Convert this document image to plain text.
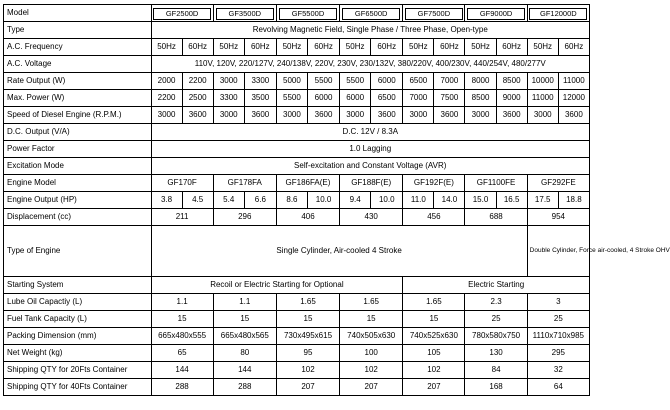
Model	GF2500D		GF3500D		GF5500D		GF6500D		GF7500D		GF9000D		GF12000D	

Type	Revolving Magnetic Field, Single Phase / Three Phase, Open-type													
A.C. Frequency	50Hz	60Hz	50Hz	60Hz	50Hz	60Hz	50Hz	60Hz	50Hz	60Hz	50Hz	60Hz	50Hz	60Hz
A.C. Voltage	110V, 120V, 220/127V, 240/138V, 220V, 230V, 230/132V, 380/220V, 400/230V, 440/254V, 480/277V													
Rate Output (W)	2000	2200	3000	3300	5000	5500	5500	6000	6500	7000	8000	8500	10000	11000
Max. Power (W)	2200	2500	3300	3500	5500	6000	6000	6500	7000	7500	8500	9000	11000	12000
Speed of Diesel Engine (R.P.M.)	3000	3600	3000	3600	3000	3600	3000	3600	3000	3600	3000	3600	3000	3600
D.C. Output (V/A)	D.C. 12V / 8.3A													
Power Factor	1.0 Lagging													
Excitation Mode	Self-excitation and Constant Voltage (AVR)													
Engine Model	GF170F		GF178FA		GF186FA(E)		GF188F(E)		GF192F(E)		GF1100FE		GF292FE	
Engine Output (HP)	3.8	4.5	5.4	6.6	8.6	10.0	9.4	10.0	11.0	14.0	15.0	16.5	17.5	18.8
Displacement (cc)	211		296		406		430		456		688		954	
Type of Engine	Single Cylinder, Air-cooled 4 Stroke												Double Cylinder, Force air-cooled, 4 Stroke OHV	
Starting System	Recoil or Electric Starting for Optional								Electric Starting					
Lube Oil Capactiy (L)	1.1		1.1		1.65		1.65		1.65		2.3		3	
Fuel Tank Capacity (L)	15		15		15		15		15		25		25	
Packing Dimension (mm)	665x480x555		665x480x565		730x495x615		740x505x630		740x525x630		780x580x750		1110x710x985	
Net Weight (kg)	65		80		95		100		105		130		295	
Shipping QTY for 20Fts Container	144		144		102		102		102		84		32	
Shipping QTY for 40Fts Container	288		288		207		207		207		168		64	
